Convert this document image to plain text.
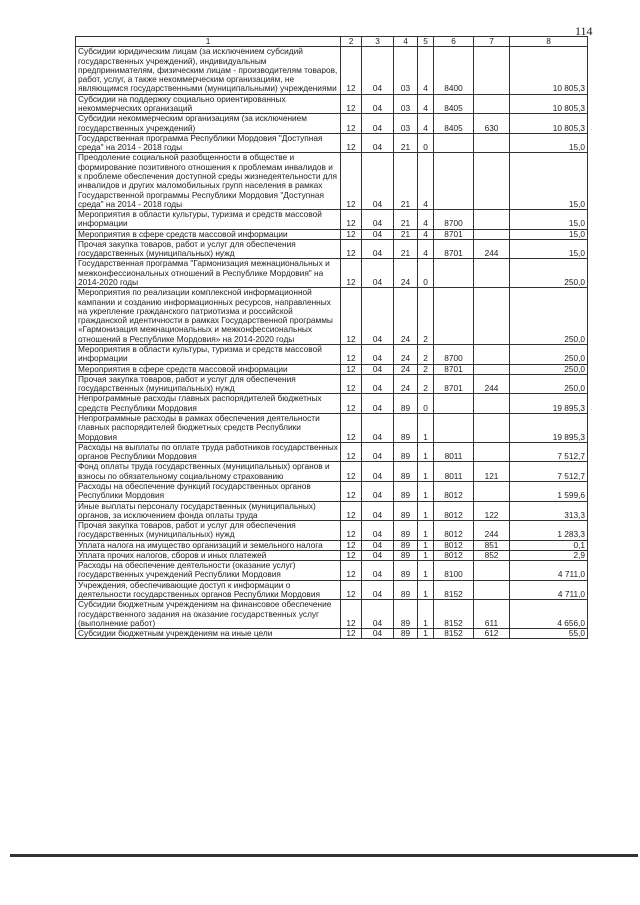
114
1	2	3	4	5	6	7	8
Субсидии юридическим лицам (за исключением субсидий государственных учреждений), индивидуальным предпринимателям, физическим лицам - производителям товаров, работ, услуг, а также некоммерческим организациям, не являющимся государственными (муниципальными) учреждениями	12	04	03	4	8400		10 805,3
Субсидии на поддержку социально ориентированных некоммерческих организаций	12	04	03	4	8405		10 805,3
Субсидии некоммерческим организациям (за исключением государственных учреждений)	12	04	03	4	8405	630	10 805,3
Государственная программа Республики Мордовия "Доступная среда" на 2014 - 2018 годы	12	04	21	0			15,0
Преодоление социальной разобщенности в обществе и формирование позитивного отношения к проблемам инвалидов и к проблеме обеспечения доступной среды жизнедеятельности для инвалидов и других маломобильных групп населения в рамках Государственной программы Республики Мордовия "Доступная среда" на 2014 - 2018 годы	12	04	21	4			15,0
Мероприятия в области культуры, туризма и средств массовой информации	12	04	21	4	8700		15,0
Мероприятия в сфере средств массовой информации	12	04	21	4	8701		15,0
Прочая закупка товаров, работ и услуг для обеспечения государственных (муниципальных) нужд	12	04	21	4	8701	244	15,0
Государственная программа "Гармонизация межнациональных и межконфессиональных отношений в Республике Мордовия" на 2014-2020 годы	12	04	24	0			250,0
Мероприятия по реализации комплексной информационной кампании и созданию информационных ресурсов, направленных на укрепление гражданского патриотизма и российской гражданской идентичности в рамках Государственной программы «Гармонизация межнациональных и межконфессиональных отношений в Республике Мордовия» на 2014-2020 годы	12	04	24	2			250,0
Мероприятия в области культуры, туризма и средств массовой информации	12	04	24	2	8700		250,0
Мероприятия в сфере средств массовой информации	12	04	24	2	8701		250,0
Прочая закупка товаров, работ и услуг для обеспечения государственных (муниципальных) нужд	12	04	24	2	8701	244	250,0
Непрограммные расходы главных распорядителей бюджетных средств Республики Мордовия	12	04	89	0			19 895,3
Непрограммные расходы в рамках обеспечения деятельности главных распорядителей бюджетных средств Республики Мордовия	12	04	89	1			19 895,3
Расходы на выплаты по оплате труда работников государственных органов Республики Мордовия	12	04	89	1	8011		7 512,7
Фонд оплаты труда государственных (муниципальных) органов и взносы по обязательному социальному страхованию	12	04	89	1	8011	121	7 512,7
Расходы на обеспечение функций государственных органов Республики Мордовия	12	04	89	1	8012		1 599,6
Иные выплаты персоналу государственных (муниципальных) органов, за исключением фонда оплаты труда	12	04	89	1	8012	122	313,3
Прочая закупка товаров, работ и услуг для обеспечения государственных (муниципальных) нужд	12	04	89	1	8012	244	1 283,3
Уплата налога на имущество организаций и земельного налога	12	04	89	1	8012	851	0,1
Уплата прочих налогов, сборов и иных платежей	12	04	89	1	8012	852	2,9
Расходы на обеспечение деятельности (оказание услуг) государственных учреждений Республики Мордовия	12	04	89	1	8100		4 711,0
Учреждения, обеспечивающие доступ к информации о деятельности государственных органов Республики Мордовия	12	04	89	1	8152		4 711,0
Субсидии бюджетным учреждениям на финансовое обеспечение государственного задания на оказание государственных услуг (выполнение работ)	12	04	89	1	8152	611	4 656,0
Субсидии бюджетным учреждениям на иные цели	12	04	89	1	8152	612	55,0
